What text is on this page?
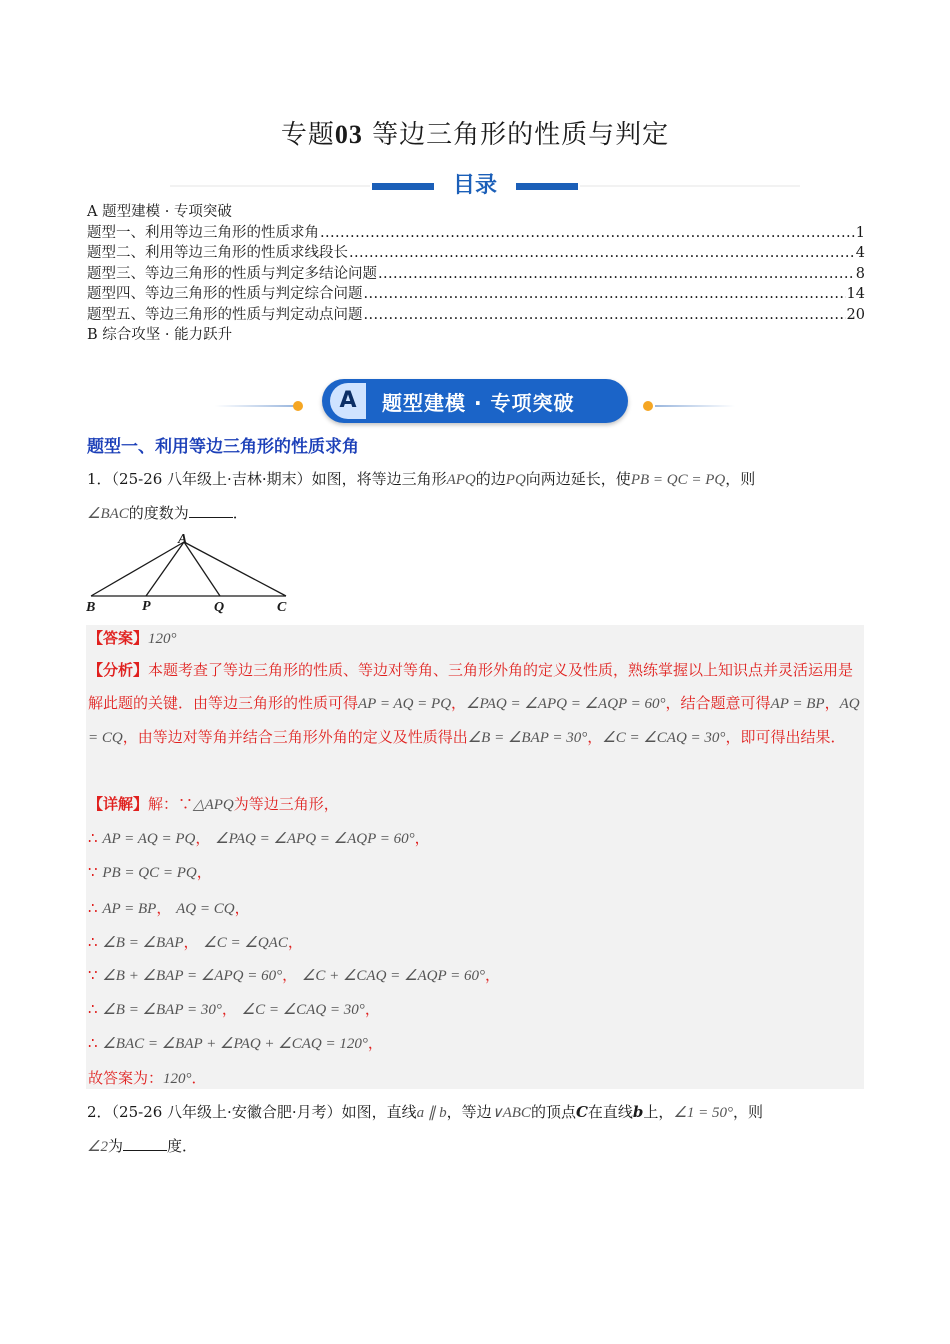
专题03 等边三角形的性质与判定
目录
A 题型建模 · 专项突破
题型一、利用等边三角形的性质求角 .....	1
题型二、利用等边三角形的性质求线段长 .....	4
题型三、等边三角形的性质与判定多结论问题 .....	8
题型四、等边三角形的性质与判定综合问题 .....	14
题型五、等边三角形的性质与判定动点问题 .....	20
B 综合攻坚 · 能力跃升
A	题型建模 · 专项突破
题型一、利用等边三角形的性质求角
1．（25-26 八年级上·吉林·期末）如图，将等边三角形APQ的边PQ向两边延长，使PB = QC = PQ，则
∠BAC的度数为	．
A
B	P	Q	C
【答案】120°
【分析】本题考查了等边三角形的性质、等边对等角、三角形外角的定义及性质，熟练掌握以上知识点并灵活运用是解此题的关键．由等边三角形的性质可得AP = AQ = PQ，∠PAQ = ∠APQ = ∠AQP = 60°，结合题意可得AP = BP，AQ = CQ，由等边对等角并结合三角形外角的定义及性质得出∠B = ∠BAP = 30°，∠C = ∠CAQ = 30°，即可得出结果．
【详解】解：∵△APQ为等边三角形，
∴ AP = AQ = PQ， ∠PAQ = ∠APQ = ∠AQP = 60°，
∵ PB = QC = PQ，
∴ AP = BP， AQ = CQ，
∴ ∠B = ∠BAP， ∠C = ∠QAC，
∵ ∠B + ∠BAP = ∠APQ = 60°， ∠C + ∠CAQ = ∠AQP = 60°，
∴ ∠B = ∠BAP = 30°， ∠C = ∠CAQ = 30°，
∴ ∠BAC = ∠BAP + ∠PAQ + ∠CAQ = 120°，
故答案为：120°．
2．（25-26 八年级上·安徽合肥·月考）如图，直线a ∥ b，等边∨ABC的顶点C在直线b上，∠1 = 50°，则
∠2为	度．
